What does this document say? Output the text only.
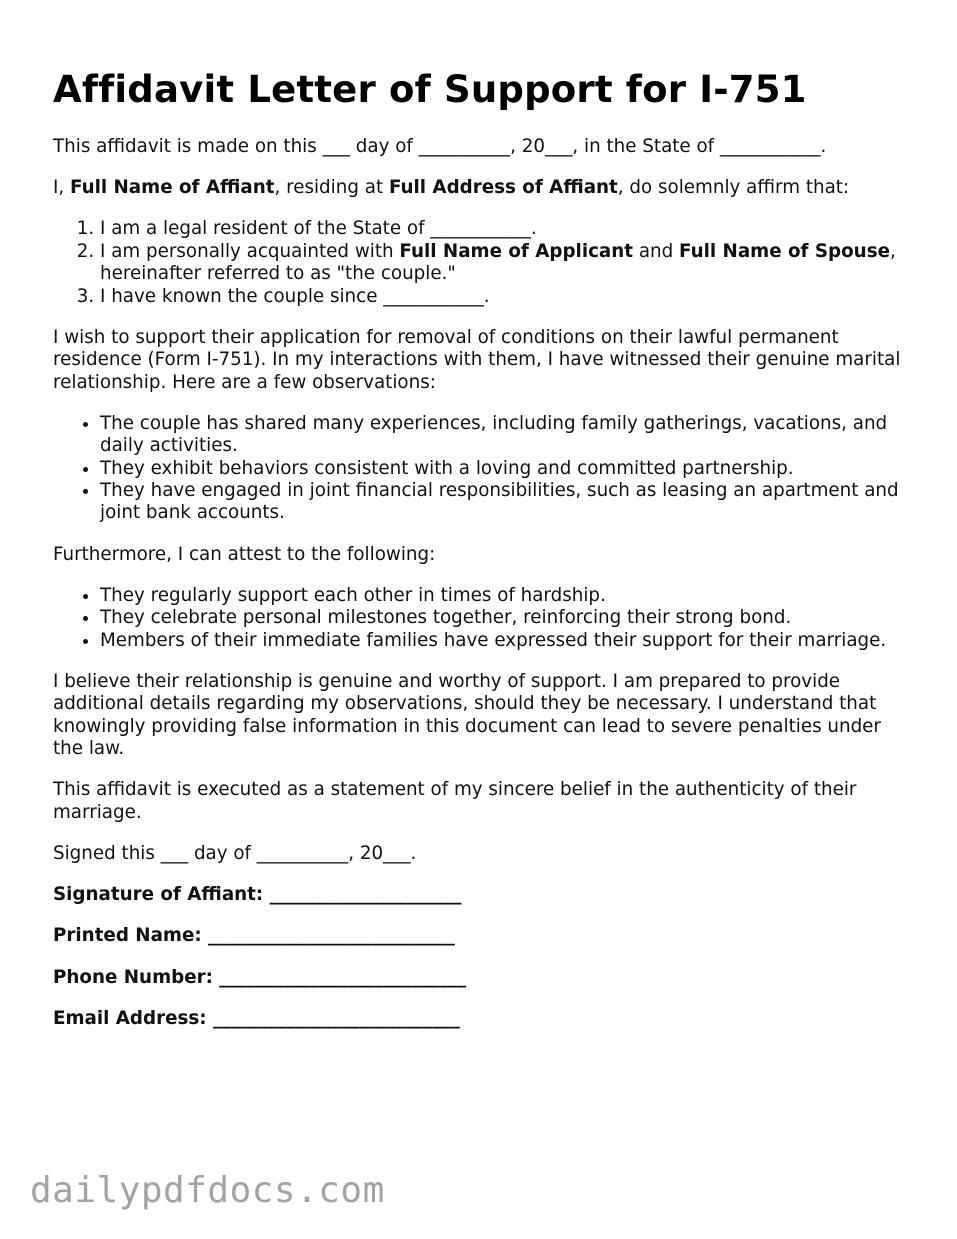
Affidavit Letter of Support for I-751

This affidavit is made on this ___ day of __________, 20___, in the State of ___________.

I, Full Name of Affiant, residing at Full Address of Affiant, do solemnly affirm that:

1. I am a legal resident of the State of ___________.
2. I am personally acquainted with Full Name of Applicant and Full Name of Spouse, hereinafter referred to as "the couple."
3. I have known the couple since ___________.

I wish to support their application for removal of conditions on their lawful permanent residence (Form I-751). In my interactions with them, I have witnessed their genuine marital relationship. Here are a few observations:

• The couple has shared many experiences, including family gatherings, vacations, and daily activities.
• They exhibit behaviors consistent with a loving and committed partnership.
• They have engaged in joint financial responsibilities, such as leasing an apartment and joint bank accounts.

Furthermore, I can attest to the following:

• They regularly support each other in times of hardship.
• They celebrate personal milestones together, reinforcing their strong bond.
• Members of their immediate families have expressed their support for their marriage.

I believe their relationship is genuine and worthy of support. I am prepared to provide additional details regarding my observations, should they be necessary. I understand that knowingly providing false information in this document can lead to severe penalties under the law.

This affidavit is executed as a statement of my sincere belief in the authenticity of their marriage.

Signed this ___ day of __________, 20___.

Signature of Affiant: _____________________

Printed Name: ___________________________

Phone Number: ___________________________

Email Address: ___________________________

dailypdfdocs.com
